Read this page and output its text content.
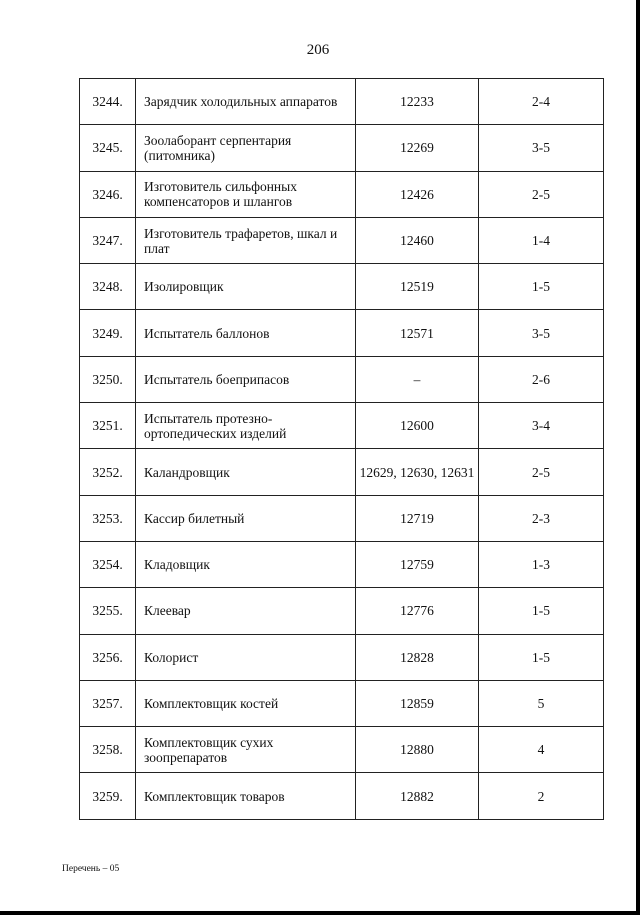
206
3244.	Зарядчик холодильных аппаратов	12233	2-4
3245.	Зоолаборант серпентария (питомника)	12269	3-5
3246.	Изготовитель сильфонных компенсаторов и шлангов	12426	2-5
3247.	Изготовитель трафаретов, шкал и плат	12460	1-4
3248.	Изолировщик	12519	1-5
3249.	Испытатель баллонов	12571	3-5
3250.	Испытатель боеприпасов	–	2-6
3251.	Испытатель протезно-ортопедических изделий	12600	3-4
3252.	Каландровщик	12629, 12630, 12631	2-5
3253.	Кассир билетный	12719	2-3
3254.	Кладовщик	12759	1-3
3255.	Клеевар	12776	1-5
3256.	Колорист	12828	1-5
3257.	Комплектовщик костей	12859	5
3258.	Комплектовщик сухих зоопрепаратов	12880	4
3259.	Комплектовщик товаров	12882	2
Перечень – 05
